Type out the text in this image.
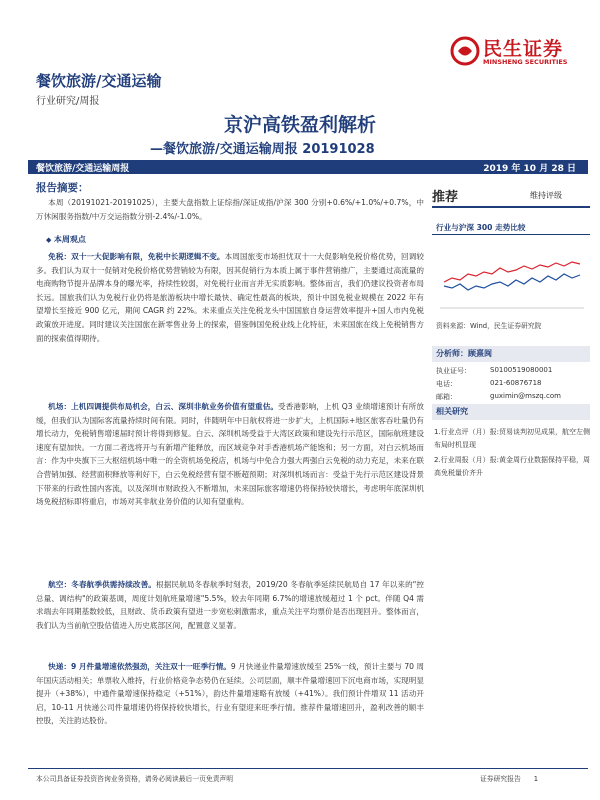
餐饮旅游/交通运输
行业研究/周报
民生证券
MINSHENG SECURITIES
京沪高铁盈利解析
—餐饮旅游/交通运输周报 20191028
餐饮旅游/交通运输周报	2019 年 10 月 28 日
报告摘要：
本周（20191021-20191025），主要大盘指数上证综指/深证成指/沪深 300 分别+0.6%/+1.0%/+0.7%，中万休闲服务指数/中万交运指数分别-2.4%/-1.0%。
◆ 本周观点
免税：双十一大促影响有限，免税中长期逻辑不变。本周国旅变市场担忧双十一大促影响免税价格优势，回调较多。我们认为双十一促销对免税价格优势营销较为有限，因其促销行为本质上属于事件营销推广，主要通过高流量的电商购物节提升品牌本身的曝光率，持续性较弱，对免税行业而言并无实质影响。整体而言，我们仍建议投资者布局长远。国旅我们认为免税行业仍将是旅游板块中增长最快、确定性最高的板块，预计中国免税业规模在 2022 年有望增长至接近 900 亿元，期间 CAGR 约 22%。未来重点关注免税龙头中国国旅自身运营效率提升+国人市内免税政策放开进度。同时建议关注国旅在新零售业务上的探索，借鉴韩国免税业线上化特征，未来国旅在线上免税销售方面的探索值得期待。
机场：上机四调提供布局机会，白云、深圳非航业务价值有望重估。受香港影响，上机 Q3 业绩增速预计有所放缓，但我们认为国际客流量持续时间有限。同时，伴随明年中日航权将进一步扩大，上机国际+地区旅客吞吐量仍有增长动力，免税销售增速届时预计将得到修复。白云、深圳机场受益于大湾区政策和建设先行示范区，国际航班建设速度有望加快。一方面二者选将开与有新增产能释放，而区域竞争对手香港机场产能饱和；另一方面，对白云机场而言：作为中央旗下三大枢纽机场中唯一的全资机场免税店，机场与中免合力强大两强白云免税的动力充足，未来在联合营销加强、经营面积释放等利好下，白云免税经营有望不断超预期；对深圳机场而言：受益于先行示范区建设背景下带来的行政性国内客流，以及深圳市财政投入不断增加，未来国际旅客增速仍将保持较快增长，考虑明年底深圳机场免税招标即将重启，市场对其非航业务价值的认知有望重构。
航空：冬春航季供需持续改善。根据民航局冬春航季时刻表，2019/20 冬春航季延续民航局自 17 年以来的"控总量、调结构"的政策基调，周度计划航班量增速"5.5%，较去年同期 6.7%的增速放缓超过 1 个 pct。伴随 Q4 需求端去年同期基数较低，且财政、货币政策有望进一步宽松刺激需求，重点关注平均票价是否出现回升。整体而言，我们认为当前航空股估值进入历史底部区间，配置意义显著。
快递：9 月件量增速依然强劲，关注双十一旺季行情。9 月快递业件量增速放缓至 25%一线，预计主要与 70 周年国庆活动相关；单票收入维持，行业价格竞争态势仍在延续。公司层面，顺丰件量增速回下沉电商市场，实现明显提升（+38%），中通件量增速保持稳定（+51%），韵达件量增速略有放缓（+41%）。我们预计件增双 11 活动开启，10-11 月快递公司件量增速仍将保持较快增长，行业有望迎来旺季行情。推荐件量增速回升，盈利改善的顺丰控股，关注韵达股份。
推荐	维持评级
行业与沪深 300 走势比较
资料来源：Wind，民生证券研究院
分析师：顾熹闽
执业证号：	S0100519080001
电话：	021-60876718
邮箱：	guximin@mszq.com
相关研究
1.行业点评（月）报:贸易谈判初见成果，航空左侧布局时机显现
2.行业周报（月）报:黄金周行业数据保持平稳，周高免税量价齐升
本公司具备证券投资咨询业务资格，请务必阅读最后一页免责声明	证券研究报告 1
